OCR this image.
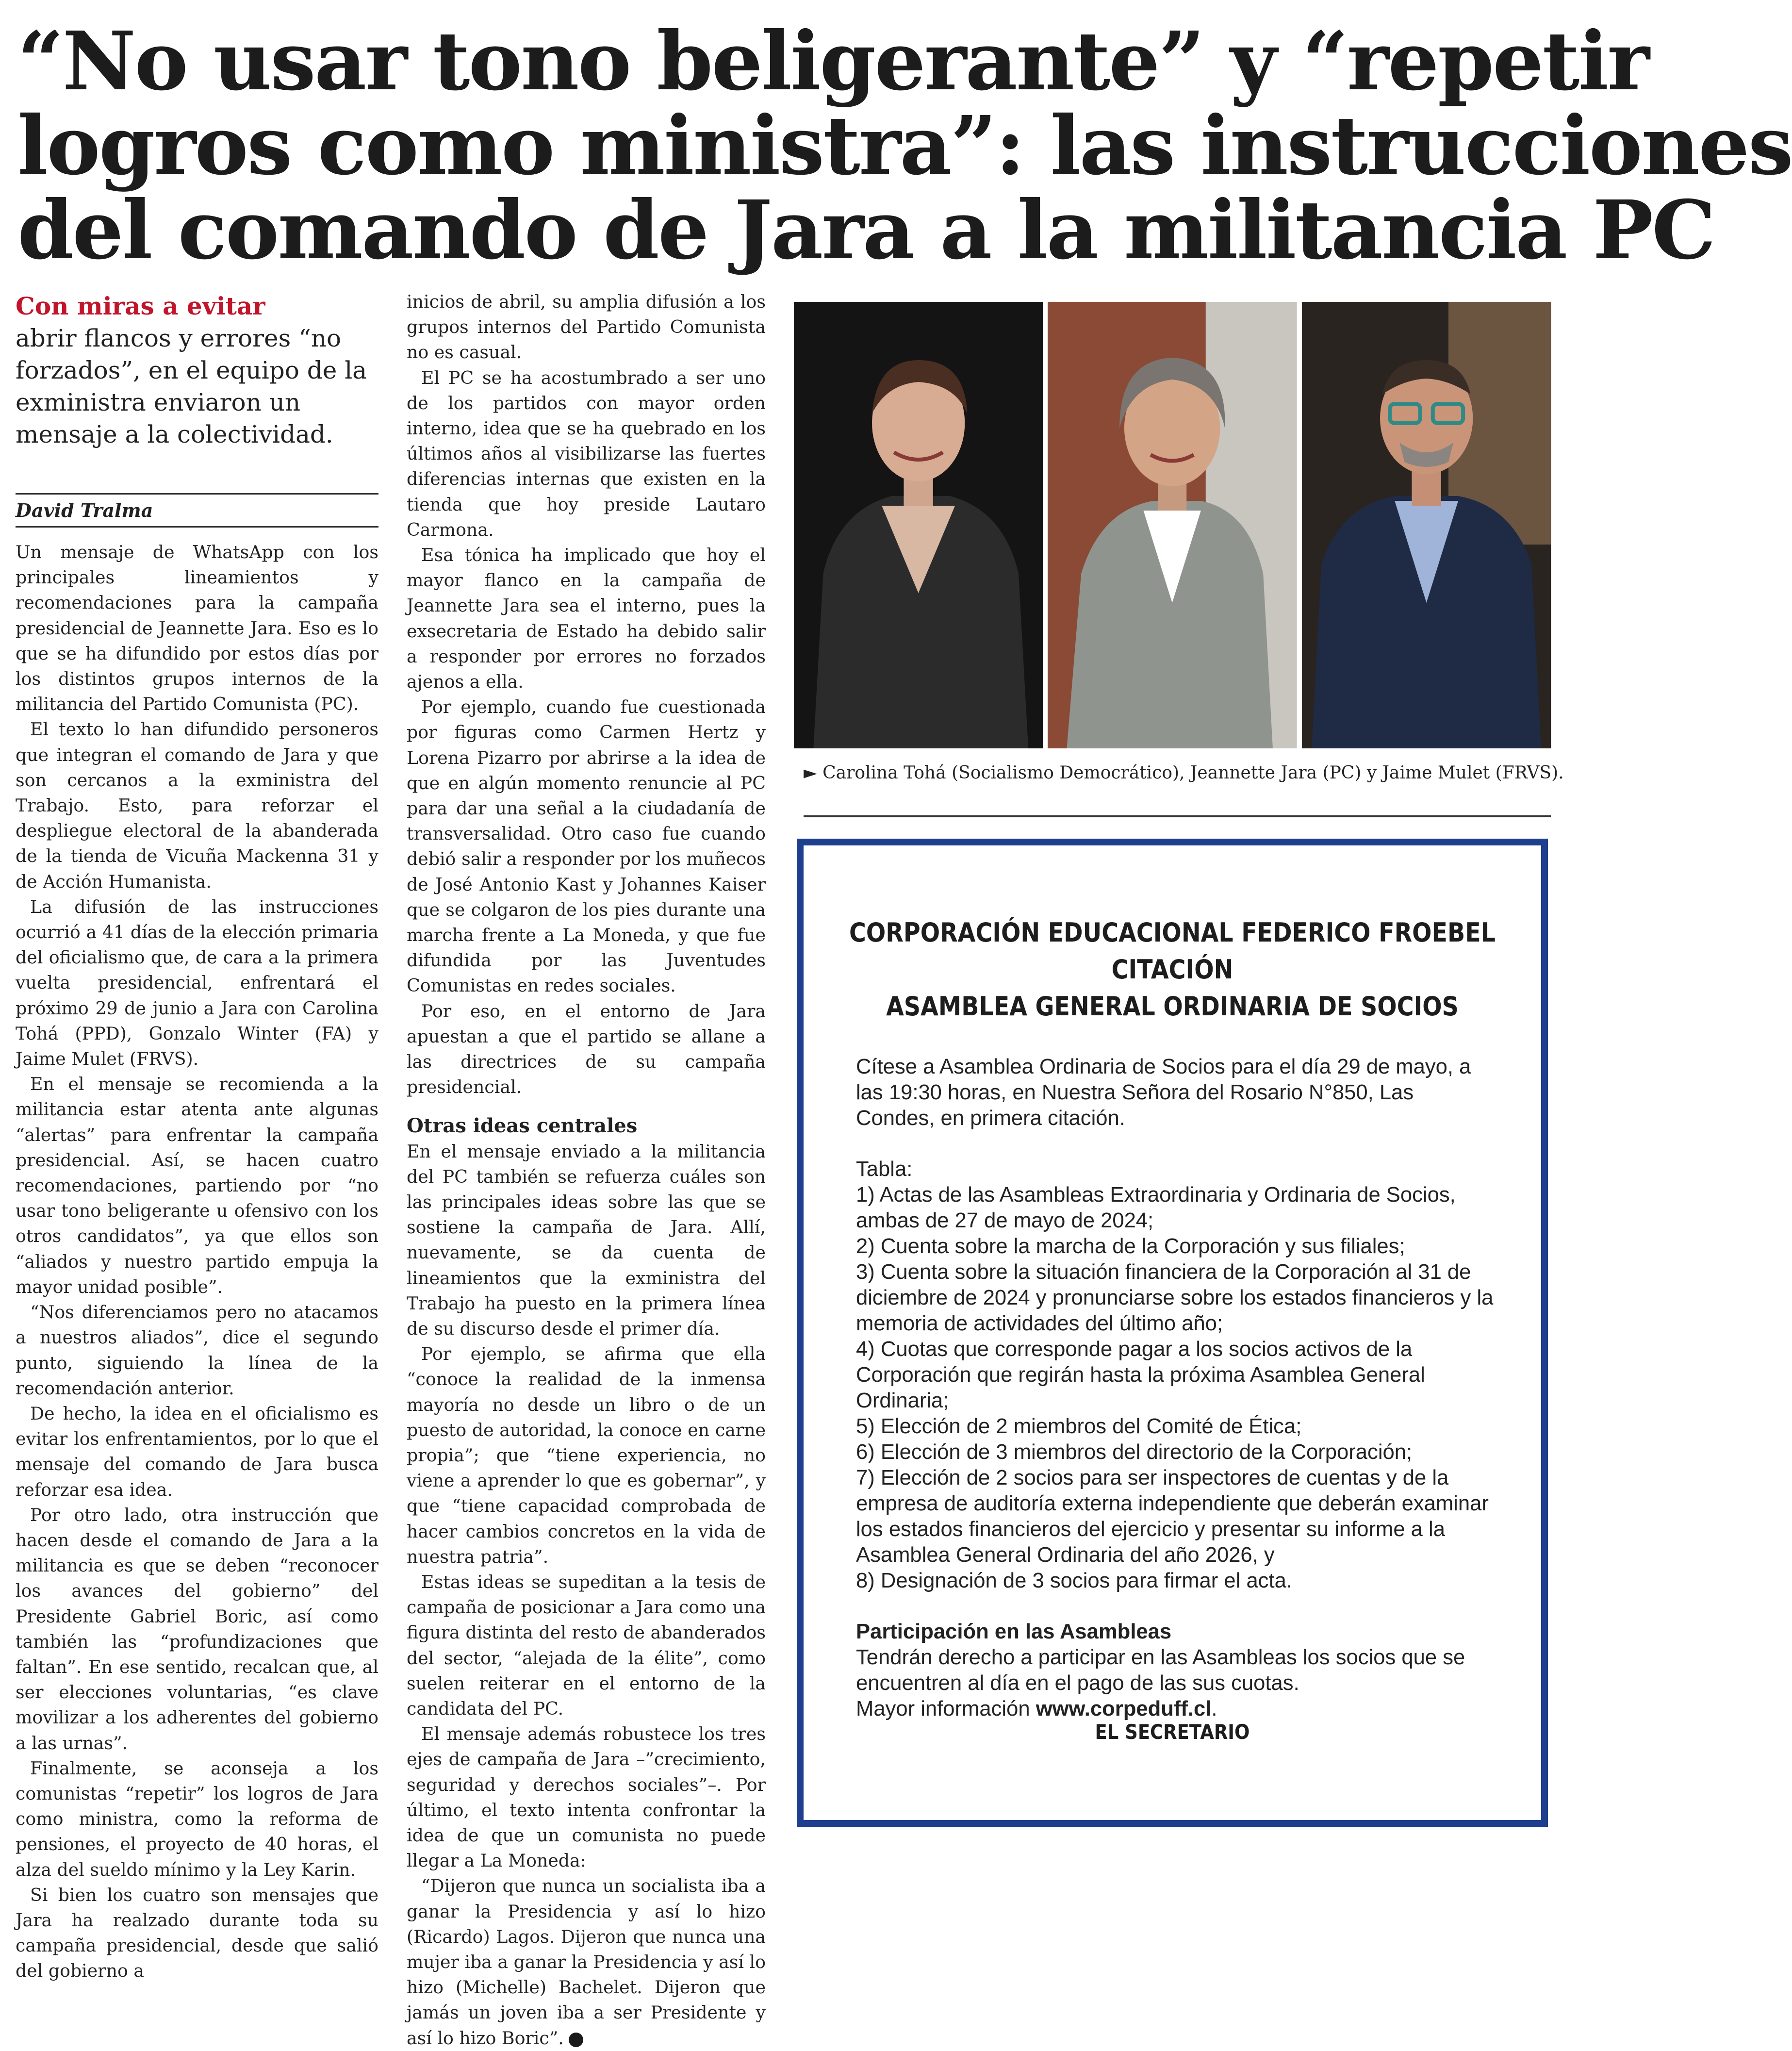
“No usar tono beligerante” y “repetir
logros como ministra”: las instrucciones
del comando de Jara a la militancia PC
Con miras a evitar
abrir flancos y errores “no forzados”, en el equipo de la exministra enviaron un mensaje a la colectividad.
David Tralma

Un mensaje de WhatsApp con los principales lineamientos y recomendaciones para la campaña presidencial de Jeannette Jara. Eso es lo que se ha difundido por estos días por los distintos grupos internos de la militancia del Partido Comunista (PC).

El texto lo han difundido personeros que integran el comando de Jara y que son cercanos a la exministra del Trabajo. Esto, para reforzar el despliegue electoral de la abanderada de la tienda de Vicuña Mackenna 31 y de Acción Humanista.

La difusión de las instrucciones ocurrió a 41 días de la elección primaria del oficialismo que, de cara a la primera vuelta presidencial, enfrentará el próximo 29 de junio a Jara con Carolina Tohá (PPD), Gonzalo Winter (FA) y Jaime Mulet (FRVS).

En el mensaje se recomienda a la militancia estar atenta ante algunas “alertas” para enfrentar la campaña presidencial. Así, se hacen cuatro recomendaciones, partiendo por “no usar tono beligerante u ofensivo con los otros candidatos”, ya que ellos son “aliados y nuestro partido empuja la mayor unidad posible”.

“Nos diferenciamos pero no atacamos a nuestros aliados”, dice el segundo punto, siguiendo la línea de la recomendación anterior.

De hecho, la idea en el oficialismo es evitar los enfrentamientos, por lo que el mensaje del comando de Jara busca reforzar esa idea.

Por otro lado, otra instrucción que hacen desde el comando de Jara a la militancia es que se deben “reconocer los avances del gobierno” del Presidente Gabriel Boric, así como también las “profundizaciones que faltan”. En ese sentido, recalcan que, al ser elecciones voluntarias, “es clave movilizar a los adherentes del gobierno a las urnas”.

Finalmente, se aconseja a los comunistas “repetir” los logros de Jara como ministra, como la reforma de pensiones, el proyecto de 40 horas, el alza del sueldo mínimo y la Ley Karin.

Si bien los cuatro son mensajes que Jara ha realzado durante toda su campaña presidencial, desde que salió del gobierno a

inicios de abril, su amplia difusión a los grupos internos del Partido Comunista no es casual.

El PC se ha acostumbrado a ser uno de los partidos con mayor orden interno, idea que se ha quebrado en los últimos años al visibilizarse las fuertes diferencias internas que existen en la tienda que hoy preside Lautaro Carmona.

Esa tónica ha implicado que hoy el mayor flanco en la campaña de Jeannette Jara sea el interno, pues la exsecretaria de Estado ha debido salir a responder por errores no forzados ajenos a ella.

Por ejemplo, cuando fue cuestionada por figuras como Carmen Hertz y Lorena Pizarro por abrirse a la idea de que en algún momento renuncie al PC para dar una señal a la ciudadanía de transversalidad. Otro caso fue cuando debió salir a responder por los muñecos de José Antonio Kast y Johannes Kaiser que se colgaron de los pies durante una marcha frente a La Moneda, y que fue difundida por las Juventudes Comunistas en redes sociales.

Por eso, en el entorno de Jara apuestan a que el partido se allane a las directrices de su campaña presidencial.

Otras ideas centrales

En el mensaje enviado a la militancia del PC también se refuerza cuáles son las principales ideas sobre las que se sostiene la campaña de Jara. Allí, nuevamente, se da cuenta de lineamientos que la exministra del Trabajo ha puesto en la primera línea de su discurso desde el primer día.

Por ejemplo, se afirma que ella “conoce la realidad de la inmensa mayoría no desde un libro o de un puesto de autoridad, la conoce en carne propia”; que “tiene experiencia, no viene a aprender lo que es gobernar”, y que “tiene capacidad comprobada de hacer cambios concretos en la vida de nuestra patria”.

Estas ideas se supeditan a la tesis de campaña de posicionar a Jara como una figura distinta del resto de abanderados del sector, “alejada de la élite”, como suelen reiterar en el entorno de la candidata del PC.

El mensaje además robustece los tres ejes de campaña de Jara –”crecimiento, seguridad y derechos sociales”–. Por último, el texto intenta confrontar la idea de que un comunista no puede llegar a La Moneda:

“Dijeron que nunca un socialista iba a ganar la Presidencia y así lo hizo (Ricardo) Lagos. Dijeron que nunca una mujer iba a ganar la Presidencia y así lo hizo (Michelle) Bachelet. Dijeron que jamás un joven iba a ser Presidente y así lo hizo Boric”.

► Carolina Tohá (Socialismo Democrático), Jeannette Jara (PC) y Jaime Mulet (FRVS).
CORPORACIÓN EDUCACIONAL FEDERICO FROEBEL
CITACIÓN
ASAMBLEA GENERAL ORDINARIA DE SOCIOS

Cítese a Asamblea Ordinaria de Socios para el día 29 de mayo, a las 19:30 horas, en Nuestra Señora del Rosario N°850, Las Condes, en primera citación.

Tabla:

1) Actas de las Asambleas Extraordinaria y Ordinaria de Socios, ambas de 27 de mayo de 2024;

2) Cuenta sobre la marcha de la Corporación y sus filiales;

3) Cuenta sobre la situación financiera de la Corporación al 31 de diciembre de 2024 y pronunciarse sobre los estados financieros y la memoria de actividades del último año;

4) Cuotas que corresponde pagar a los socios activos de la Corporación que regirán hasta la próxima Asamblea General Ordinaria;

5) Elección de 2 miembros del Comité de Ética;

6) Elección de 3 miembros del directorio de la Corporación;

7) Elección de 2 socios para ser inspectores de cuentas y de la empresa de auditoría externa independiente que deberán examinar los estados financieros del ejercicio y presentar su informe a la Asamblea General Ordinaria del año 2026, y

8) Designación de 3 socios para firmar el acta.

Participación en las Asambleas

Tendrán derecho a participar en las Asambleas los socios que se encuentren al día en el pago de las sus cuotas.

Mayor información www.corpeduff.cl.

EL SECRETARIO
